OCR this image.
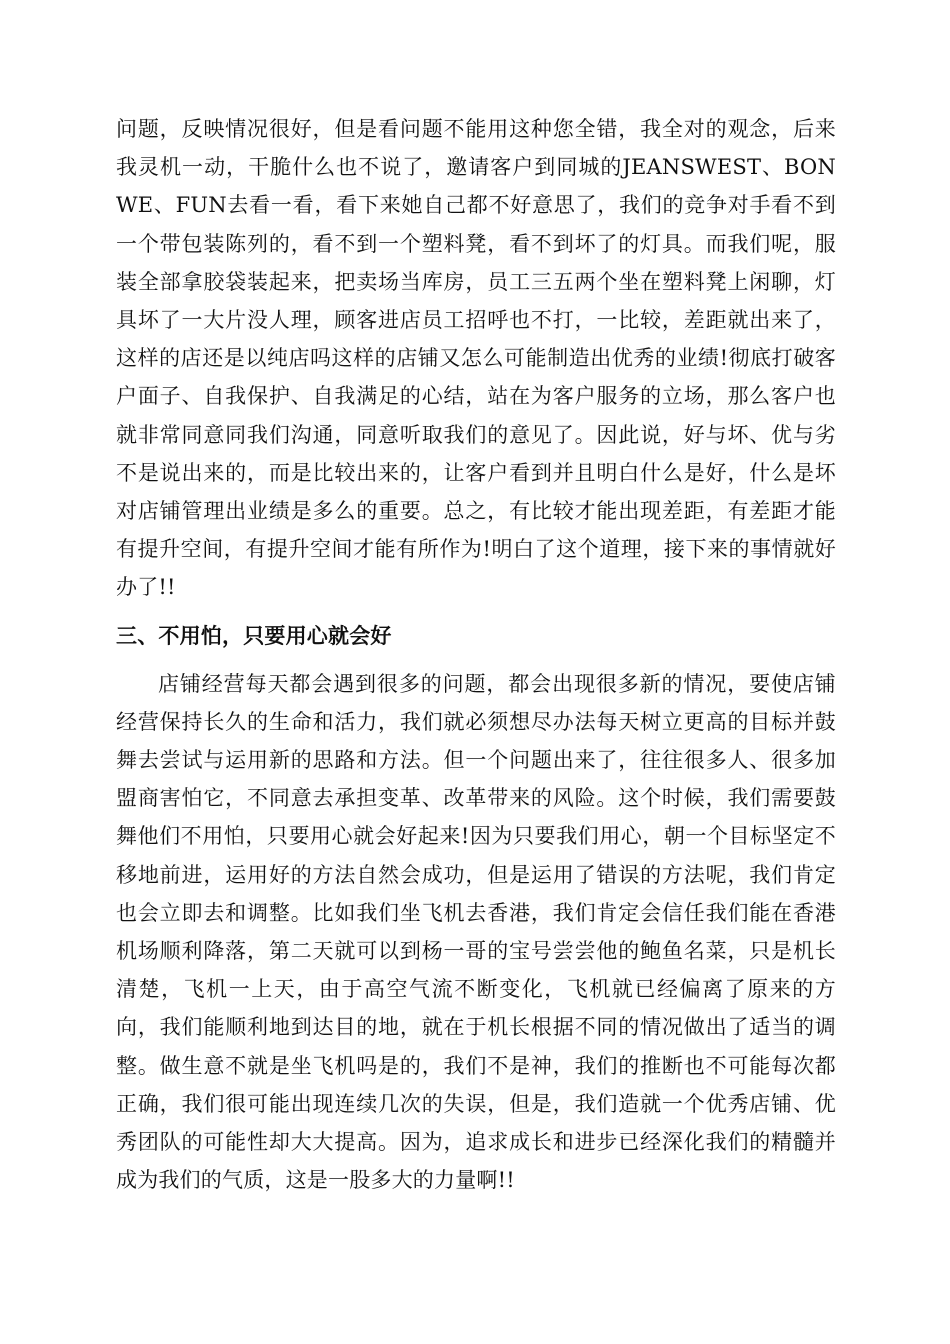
问题，反映情况很好，但是看问题不能用这种您全错，我全对的观念，后来我灵机一动，干脆什么也不说了，邀请客户到同城的JEANSWEST、BONWE、FUN去看一看，看下来她自己都不好意思了，我们的竞争对手看不到一个带包装陈列的，看不到一个塑料凳，看不到坏了的灯具。而我们呢，服装全部拿胶袋装起来，把卖场当库房，员工三五两个坐在塑料凳上闲聊，灯具坏了一大片没人理，顾客进店员工招呼也不打，一比较，差距就出来了，这样的店还是以纯店吗这样的店铺又怎么可能制造出优秀的业绩!彻底打破客户面子、自我保护、自我满足的心结，站在为客户服务的立场，那么客户也就非常同意同我们沟通，同意听取我们的意见了。因此说，好与坏、优与劣不是说出来的，而是比较出来的，让客户看到并且明白什么是好，什么是坏对店铺管理出业绩是多么的重要。总之，有比较才能出现差距，有差距才能有提升空间，有提升空间才能有所作为!明白了这个道理，接下来的事情就好办了!!

三、不用怕，只要用心就会好

店铺经营每天都会遇到很多的问题，都会出现很多新的情况，要使店铺经营保持长久的生命和活力，我们就必须想尽办法每天树立更高的目标并鼓舞去尝试与运用新的思路和方法。但一个问题出来了，往往很多人、很多加盟商害怕它，不同意去承担变革、改革带来的风险。这个时候，我们需要鼓舞他们不用怕，只要用心就会好起来!因为只要我们用心，朝一个目标坚定不移地前进，运用好的方法自然会成功，但是运用了错误的方法呢，我们肯定也会立即去和调整。比如我们坐飞机去香港，我们肯定会信任我们能在香港机场顺利降落，第二天就可以到杨一哥的宝号尝尝他的鲍鱼名菜，只是机长清楚，飞机一上天，由于高空气流不断变化，飞机就已经偏离了原来的方向，我们能顺利地到达目的地，就在于机长根据不同的情况做出了适当的调整。做生意不就是坐飞机吗是的，我们不是神，我们的推断也不可能每次都正确，我们很可能出现连续几次的失误，但是，我们造就一个优秀店铺、优秀团队的可能性却大大提高。因为，追求成长和进步已经深化我们的精髓并成为我们的气质，这是一股多大的力量啊!!
